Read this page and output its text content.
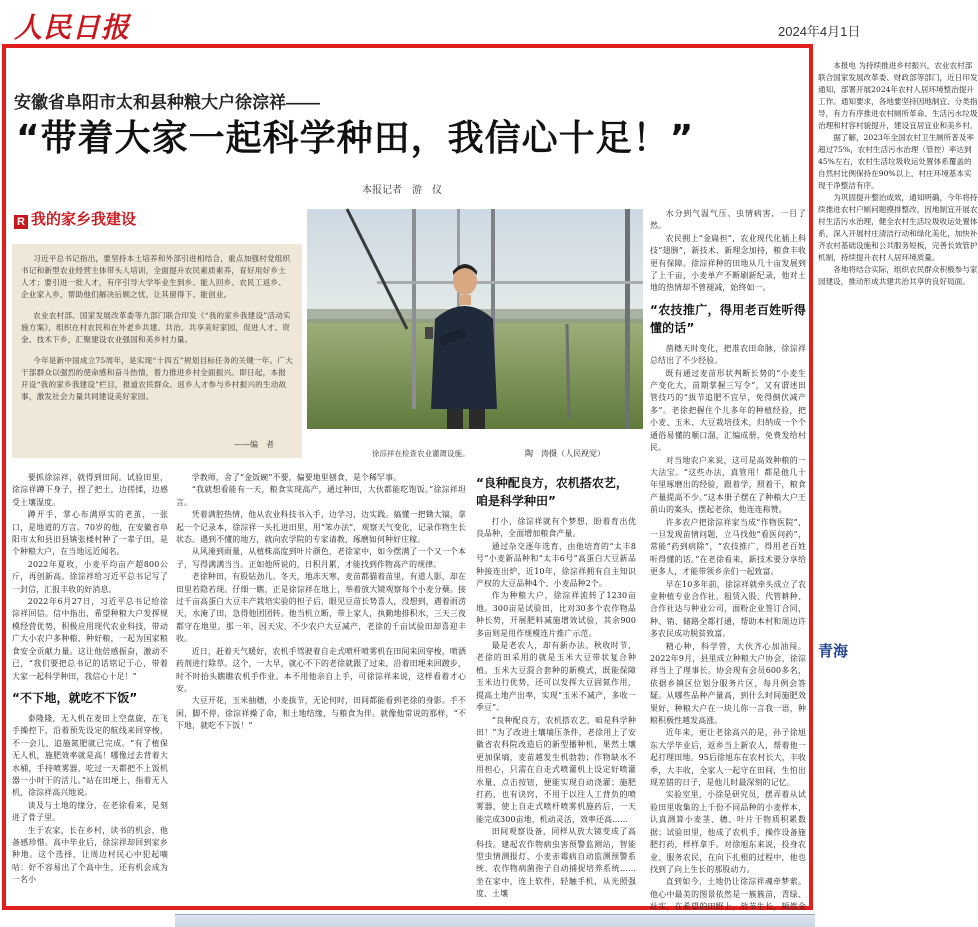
人民日报	2024年4月1日
安徽省阜阳市太和县种粮大户徐淙祥——
“带着大家一起科学种田，我信心十足！”
本报记者　游　仪
R 我的家乡我建设

习近平总书记指出，要坚持本土培养和外部引进相结合，重点加强村党组织书记和新型农业经营主体带头人培训，全面提升农民素质素养，育好用好乡土人才；要引进一批人才，有序引导大学毕业生到乡、能人回乡、农民工返乡、企业家入乡，帮助他们解决后顾之忧，让其留得下、能创业。

农业农村部、国家发展改革委等九部门联合印发《“我的家乡我建设”活动实施方案》，组织在村农民和在外老乡共建、共治、共享美好家园，促进人才、资金、技术下乡，汇聚建设农业强国和美乡村力量。

今年是新中国成立75周年，是实现“十四五”规划目标任务的关键一年。广大干部群众以强烈的使命感和奋斗热情，着力推进乡村全面振兴。即日起，本报开设“我的家乡我建设”栏目，报道农民群众、返乡人才参与乡村振兴的生动故事，激发社会力量共同建设美好家园。

——编　者
徐淙祥在检查农业灌溉设施。	陶　涛摄（人民视觉）

要抓徐淙祥，就得到田间。试验田里，徐淙祥蹲下身子，捏了把土，边搓揉，边感受土壤湿度。

蹲开手，掌心布满厚实的老茧，一张口，是地道的方言。70岁的他，在安徽省阜阳市太和县旧县镇张楼村种了一辈子田，是个种粮大户，在当地远近闻名。

2022年夏收，小麦平均亩产超800公斤，再创新高。徐淙祥给习近平总书记写了一封信，汇报丰收的好消息。

2022年6月27日，习近平总书记给徐淙祥回信。信中指出，希望种粮大户发挥规模经营优势，积极应用现代农业科技，带动广大小农户多种粮、种好粮，一起为国家粮食安全贡献力量。这让他倍感振奋，激动不已，“我们要把总书记的话铭记于心，带着大家一起科学种田，我信心十足！”

“不下地，就吃不下饭”

泰隆隆，无人机在麦田上空盘旋，在飞手操控下，沿着预先设定的航线来回穿梭，不一会儿，追施氮肥就已完成。“有了植保无人机，施肥效率就是高！哪像过去背着大水桶，手持喷雾器，吃过一天都把不上饭机器一小时干的活儿。”站在田埂上，指着无人机，徐淙祥高兴地说。

谈及与土地的缘分，在老徐看来，是刻进了骨子里。

生于农家，长在乡村，读书的机会，他备感珍惜。高中毕业后，徐淙祥却回到家乡种地。这个选择，让周边村民心中犯起嘀咕：好不容易出了个高中生，还有机会成为一名小

学教师，舍了“金饭碗”不要，偏要地里刨食，是个稀罕事。

“我就想看能有一天，粮食实现高产，通过种田，大伙都能吃饱饭。”徐淙祥坦言。

凭着满腔热情，他从农业科技书入手，边学习，边实践。搞懂一把锄大镐，拿起一个记录本，徐淙祥一头扎进田里，用“笨办法”，观察天气变化，记录作物生长状态。遇到不懂的地方，就向农学院的专家请教，琢磨如何种好庄稼。

从风淹到雨量，从植株高度到叶片颜色，老徐家中，如今摆满了一个又一个本子，写得满满当当。正如他所说的，日积月累，才能找到作物高产的规律。

老徐种田，有股钻劲儿。冬天，地冻天寒，麦苗都猫着苗里，有道人影，却在田里若隐若现。仔细一瞧，正是徐淙祥在地上，举着放大镜观察每个小麦分蘖。接过千亩高蛋白大豆丰产栽培实验的担子后，眼见豆苗长势喜人，没想到，遇着雨涝天，水淹了田，急得他团团转。他当机立断，带上家人，执勤地排积水，三天三夜都守在地里。那一年，因天灾，不少农户大豆减产，老徐的千亩试验田却喜迎丰收。

近日，赶着天气暖好，农机手驾驶着自走式喷杆喷雾机在田间来回穿梭，喷洒药剂进行除草。这个，一大早，就心不下的老徐就跟了过来，沿着田埂来回踱步，时不时抬头瞧瞧农机手作业。本不用他亲自上手，可徐淙祥来说，这样看着才心安。

大豆开花，玉米抽穗，小麦拔节，无论何时，田间都能看到老徐的身影。手不闲，脚不停，徐淙祥操了命，和土地结缘，与粮食为伴。就像他常说的那样，“不下地，就吃不下饭！”

“良种配良方，农机搭农艺，咱是科学种田”

打小，徐淙祥就有个梦想，盼着育出优良品种，全面增加粮食产量。

通过杂交逐年选育，由他培育的“太丰8号”小麦新品种和“太丰6号”高蛋白大豆新品种接连出炉，近10年，徐淙祥拥有自主知识产权的大豆品种4个、小麦品种2个。

作为种粮大户，徐淙祥流转了1230亩地。300亩是试验田，比对30多个农作物品种长势，开展肥料减施增效试验，其余900多亩则是用作规模连片推广示范。

最是老农人，却有新办法。秋收时节，老徐的田采用的就是玉米大豆带状复合种植。玉米大豆混合套种的新模式，既能保障玉米边行优势，还可以发挥大豆固氮作用，提高土地产出率，实现“玉米不减产，多收一季豆”。

“良种配良方，农机搭农艺，咱是科学种田！”为了改进土壤墒压条件，老徐用上了安徽省农科院改造后的新型播种机，果然土壤更加保墒，麦苗越发生机勃勃；作物缺水不用担心，只需在自走式喷灌机上设定好喷灌水量，点击按钮，便能实现自动浇灌；施肥打药，也有诀窍，不用于以往人工背负的喷雾器，使上自走式喷杆喷雾机施药后，一天能完成300亩地，机动灵活，效率还高……

田间观察设备，同样从放大镜变成了高科技。建起农作物病虫害预警监测站，智能型虫情测报灯、小麦赤霉病自动监测预警系统、农作物病菌孢子自动捕捉培养系统……坐在家中，连上软件，轻触手机，从光照强度、土壤

水分到气温气压、虫情病害，一目了然。

农民拥上“金扁担”，农业现代化插上科技“翅膀”，新技术、新理念加持，粮食丰收更有保障。徐淙祥种的田地从几十亩发展到了上千亩，小麦单产不断刷新纪录，他对土地的热情却不曾褪减，始终如一。

“农技推广，得用老百姓听得懂的话”

凿穗天时变化，把准农田命脉，徐淙祥总结出了不少经验。

既有通过麦苗形状判断长势的“小麦生产变化大，苗期掌握三写令”，又有谓述田管技巧的“拔节追肥不宜早，免得倒伏减产多”。老徐把握住个儿多年的种植经验，把小麦、玉米、大豆栽培技术，归纳成一个个通俗易懂的顺口溜，汇编成册，免费发给村民。

对当地农户来说，这可是高效种粮的一大法宝。“这些办法，真管用！都是他几十年里琢磨出的经验，跟着学，照着干，粮食产量提高不少。”这本册子摆在了种粮大户王前山的案头，摆起老徐，他连连称赞。

许多农户把徐淙祥家当成“作物医院”，一旦发现苗情问题，立马找他“看医问药”，常能“药到病除”，“农技推广，得用老百姓听得懂的话。”在老徐看来，新技术要分享给更多人，才能带领乡亲们一起致富。

早在10多年前，徐淙祥就牵头成立了农业种植专业合作社，租赁入股、代管耕种、合作社达与种业公司，面粉企业签订合同，种、销、储路全都打通，帮助本村和周边许多农民成功脱贫致富。

精心种，科学管，大伙齐心加油闯。2022年9月，县里成立种粮大户协会，徐淙祥当上了理事长。协会现有会员600多名，依据乡镇区位划分服务片区，每月例会答疑。从哪些品种产量高，到什么时间施肥效果好，种粮大户在一块儿你一言我一语，种粮积极性越发高涨。

近年来，更让老徐高兴的是，孙子徐旭东大学毕业后，返乡当上新农人，帮着他一起打理田地。95后徐旭东在农村长大，丰收季，大丰收，全家人一起守在田间，生怕出现差错的日子，是他儿时最深刻的记忆。

实验室里，小徐是研究员，摆弄着从试验田里收集的上千份不同品种的小麦样本，认真测算小麦茎、穗、叶片于物质积累数据；试验田里，他成了农机手，操作设备施肥打药，样样拿手。对徐旭东来说，投身农业、服务农民，在向下扎根的过程中，他也找到了向上生长的那股动力。

直到如今，土地仍让徐淙祥魂牵梦萦。他心中最美的图景依然是一簇簇苗，青绿、壮实，在希望的田野上，放节生长，频然金

本报电 为持续推进乡村振兴，农业农村部联合国家发展改革委、财政部等部门，近日印发通知，部署开展2024年农村人居环境整治提升工作。通知要求，各地要坚持因地制宜、分类指导，有力有序推进农村厕所革命、生活污水垃圾治理和村容村貌提升，建设宜居宜业和美乡村。

据了解，2023年全国农村卫生厕所普及率超过75%，农村生活污水治理（管控）率达到45%左右，农村生活垃圾收运处置体系覆盖的自然村比例保持在90%以上，村庄环境基本实现干净整洁有序。

为巩固提升整治成效，通知明确，今年将持续推进农村户厕问题摸排整改，因地制宜开展农村生活污水治理，健全农村生活垃圾收运处置体系，深入开展村庄清洁行动和绿化美化，加快补齐农村基础设施和公共服务短板，完善长效管护机制，持续提升农村人居环境质量。

各地将结合实际，组织农民群众积极参与家园建设，推动形成共建共治共享的良好局面。

青海
